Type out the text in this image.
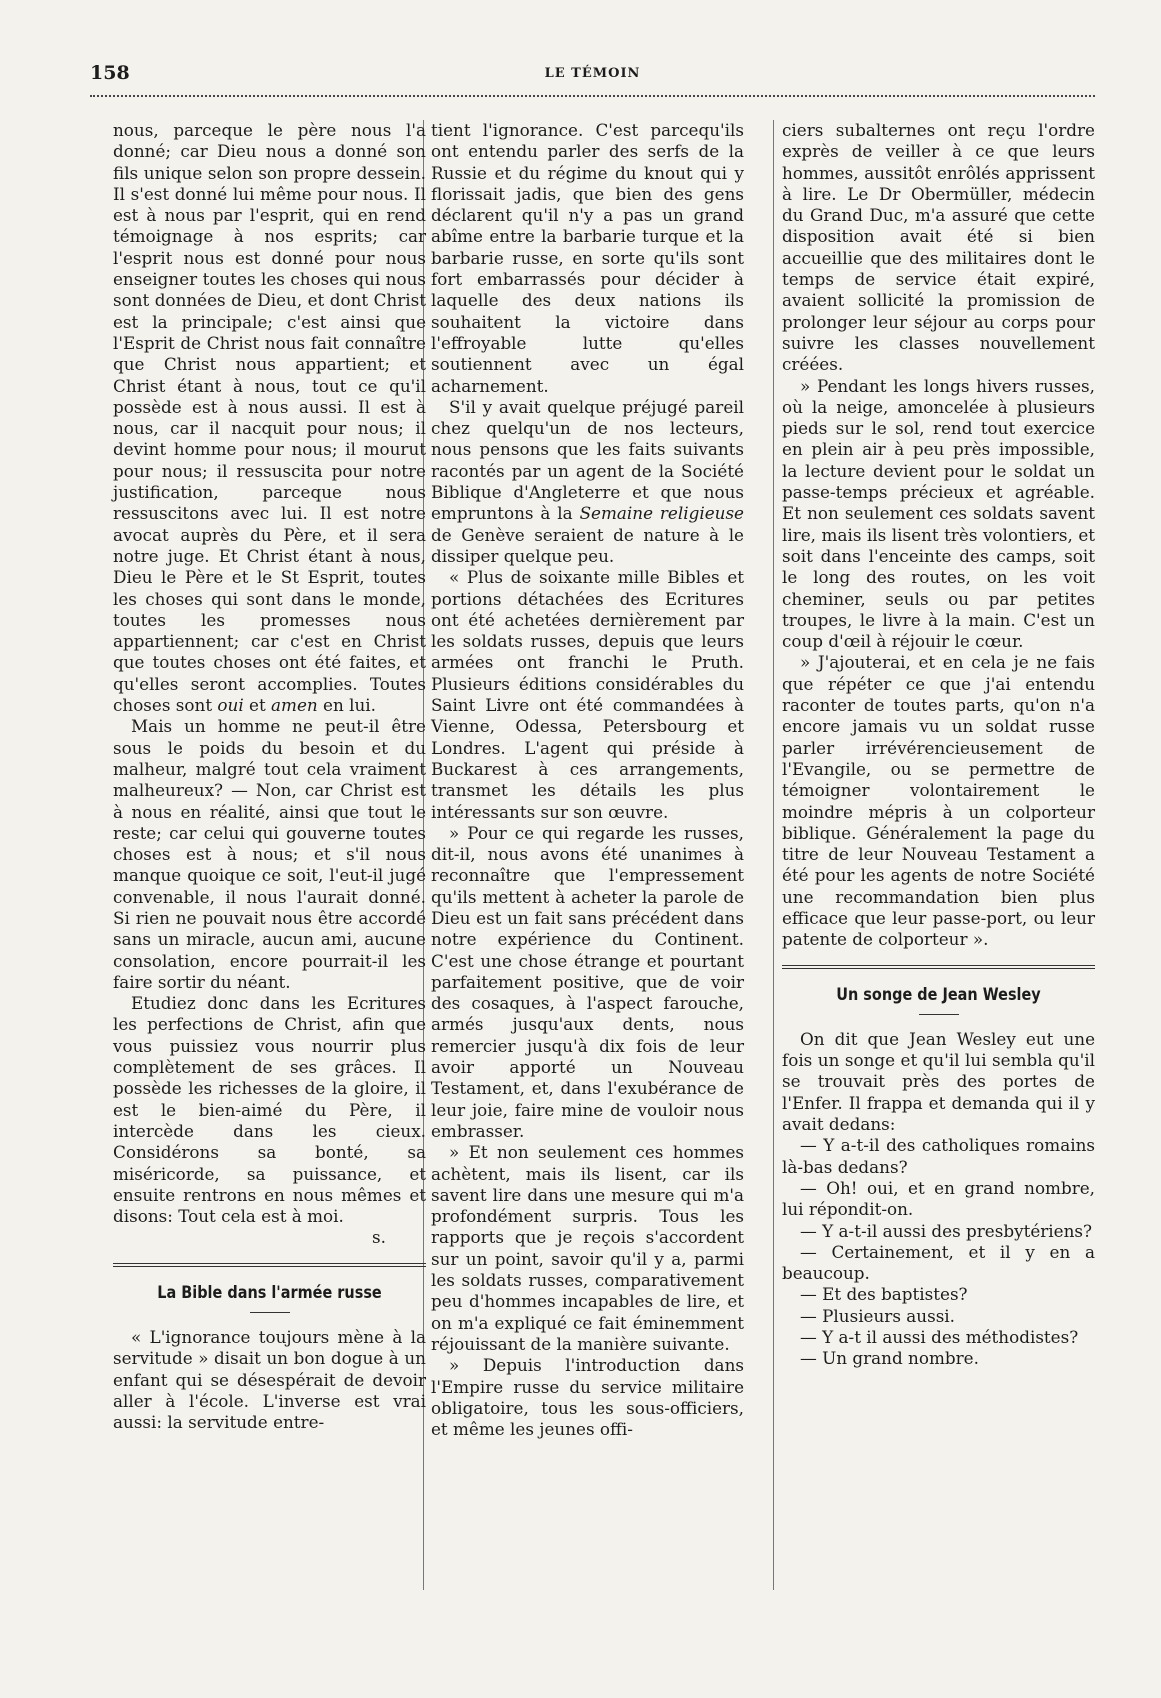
158	LE TÉMOIN

nous, parceque le père nous l'a donné; car Dieu nous a donné son fils unique selon son propre dessein. Il s'est donné lui même pour nous. Il est à nous par l'esprit, qui en rend témoignage à nos esprits; car l'esprit nous est donné pour nous enseigner toutes les choses qui nous sont données de Dieu, et dont Christ est la principale; c'est ainsi que l'Esprit de Christ nous fait connaître que Christ nous appartient; et Christ étant à nous, tout ce qu'il possède est à nous aussi. Il est à nous, car il nacquit pour nous; il devint homme pour nous; il mourut pour nous; il ressuscita pour notre justification, parceque nous ressuscitons avec lui. Il est notre avocat auprès du Père, et il sera notre juge. Et Christ étant à nous, Dieu le Père et le St Esprit, toutes les choses qui sont dans le monde, toutes les promesses nous appartiennent; car c'est en Christ que toutes choses ont été faites, et qu'elles seront accomplies. Toutes choses sont oui et amen en lui.

Mais un homme ne peut-il être sous le poids du besoin et du malheur, malgré tout cela vraiment malheureux? — Non, car Christ est à nous en réalité, ainsi que tout le reste; car celui qui gouverne toutes choses est à nous; et s'il nous manque quoique ce soit, l'eut-il jugé convenable, il nous l'aurait donné. Si rien ne pouvait nous être accordé sans un miracle, aucun ami, aucune consolation, encore pourrait-il les faire sortir du néant.

Etudiez donc dans les Ecritures les perfections de Christ, afin que vous puissiez vous nourrir plus complètement de ses grâces. Il possède les richesses de la gloire, il est le bien-aimé du Père, il intercède dans les cieux. Considérons sa bonté, sa miséricorde, sa puissance, et ensuite rentrons en nous mêmes et disons: Tout cela est à moi.

s.
La Bible dans l'armée russe

« L'ignorance toujours mène à la servitude » disait un bon dogue à un enfant qui se désespérait de devoir aller à l'école. L'inverse est vrai aussi: la servitude entre-

tient l'ignorance. C'est parcequ'ils ont entendu parler des serfs de la Russie et du régime du knout qui y florissait jadis, que bien des gens déclarent qu'il n'y a pas un grand abîme entre la barbarie turque et la barbarie russe, en sorte qu'ils sont fort embarrassés pour décider à laquelle des deux nations ils souhaitent la victoire dans l'effroyable lutte qu'elles soutiennent avec un égal acharnement.

S'il y avait quelque préjugé pareil chez quelqu'un de nos lecteurs, nous pensons que les faits suivants racontés par un agent de la Société Biblique d'Angleterre et que nous empruntons à la Semaine religieuse de Genève seraient de nature à le dissiper quelque peu.

« Plus de soixante mille Bibles et portions détachées des Ecritures ont été achetées dernièrement par les soldats russes, depuis que leurs armées ont franchi le Pruth. Plusieurs éditions considérables du Saint Livre ont été commandées à Vienne, Odessa, Petersbourg et Londres. L'agent qui préside à Buckarest à ces arrangements, transmet les détails les plus intéressants sur son œuvre.

» Pour ce qui regarde les russes, dit-il, nous avons été unanimes à reconnaître que l'empressement qu'ils mettent à acheter la parole de Dieu est un fait sans précédent dans notre expérience du Continent. C'est une chose étrange et pourtant parfaitement positive, que de voir des cosaques, à l'aspect farouche, armés jusqu'aux dents, nous remercier jusqu'à dix fois de leur avoir apporté un Nouveau Testament, et, dans l'exubérance de leur joie, faire mine de vouloir nous embrasser.

» Et non seulement ces hommes achètent, mais ils lisent, car ils savent lire dans une mesure qui m'a profondément surpris. Tous les rapports que je reçois s'accordent sur un point, savoir qu'il y a, parmi les soldats russes, comparativement peu d'hommes incapables de lire, et on m'a expliqué ce fait éminemment réjouissant de la manière suivante.

» Depuis l'introduction dans l'Empire russe du service militaire obligatoire, tous les sous-officiers, et même les jeunes offi-

ciers subalternes ont reçu l'ordre exprès de veiller à ce que leurs hommes, aussitôt enrôlés apprissent à lire. Le Dr Obermüller, médecin du Grand Duc, m'a assuré que cette disposition avait été si bien accueillie que des militaires dont le temps de service était expiré, avaient sollicité la promission de prolonger leur séjour au corps pour suivre les classes nouvellement créées.

» Pendant les longs hivers russes, où la neige, amoncelée à plusieurs pieds sur le sol, rend tout exercice en plein air à peu près impossible, la lecture devient pour le soldat un passe-temps précieux et agréable. Et non seulement ces soldats savent lire, mais ils lisent très volontiers, et soit dans l'enceinte des camps, soit le long des routes, on les voit cheminer, seuls ou par petites troupes, le livre à la main. C'est un coup d'œil à réjouir le cœur.

» J'ajouterai, et en cela je ne fais que répéter ce que j'ai entendu raconter de toutes parts, qu'on n'a encore jamais vu un soldat russe parler irrévérencieusement de l'Evangile, ou se permettre de témoigner volontairement le moindre mépris à un colporteur biblique. Généralement la page du titre de leur Nouveau Testament a été pour les agents de notre Société une recommandation bien plus efficace que leur passe-port, ou leur patente de colporteur ».

Un songe de Jean Wesley

On dit que Jean Wesley eut une fois un songe et qu'il lui sembla qu'il se trouvait près des portes de l'Enfer. Il frappa et demanda qui il y avait dedans:

— Y a-t-il des catholiques romains là-bas dedans?

— Oh! oui, et en grand nombre, lui répondit-on.

— Y a-t-il aussi des presbytériens?

— Certainement, et il y en a beaucoup.

— Et des baptistes?

— Plusieurs aussi.

— Y a-t il aussi des méthodistes?

— Un grand nombre.
